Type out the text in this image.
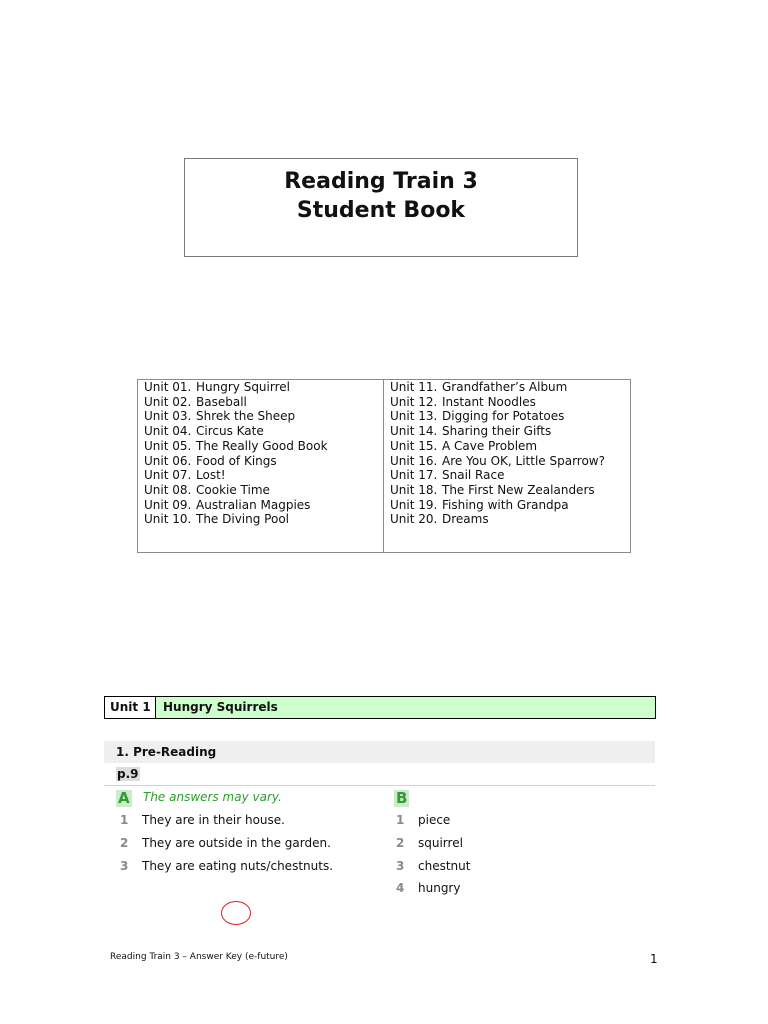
Reading Train 3
Student Book
Unit 01. Hungry Squirrel
Unit 02. Baseball
Unit 03. Shrek the Sheep
Unit 04. Circus Kate
Unit 05. The Really Good Book
Unit 06. Food of Kings
Unit 07. Lost!
Unit 08. Cookie Time
Unit 09. Australian Magpies
Unit 10. The Diving Pool
Unit 11. Grandfather’s Album
Unit 12. Instant Noodles
Unit 13. Digging for Potatoes
Unit 14. Sharing their Gifts
Unit 15. A Cave Problem
Unit 16. Are You OK, Little Sparrow?
Unit 17. Snail Race
Unit 18. The First New Zealanders
Unit 19. Fishing with Grandpa
Unit 20. Dreams
Unit 1	Hungry Squirrels
1. Pre-Reading
p.9
A The answers may vary.
1 They are in their house.
2 They are outside in the garden.
3 They are eating nuts/chestnuts.
B
1 piece
2 squirrel
3 chestnut
4 hungry
Reading Train 3 – Answer Key (e-future)	1
